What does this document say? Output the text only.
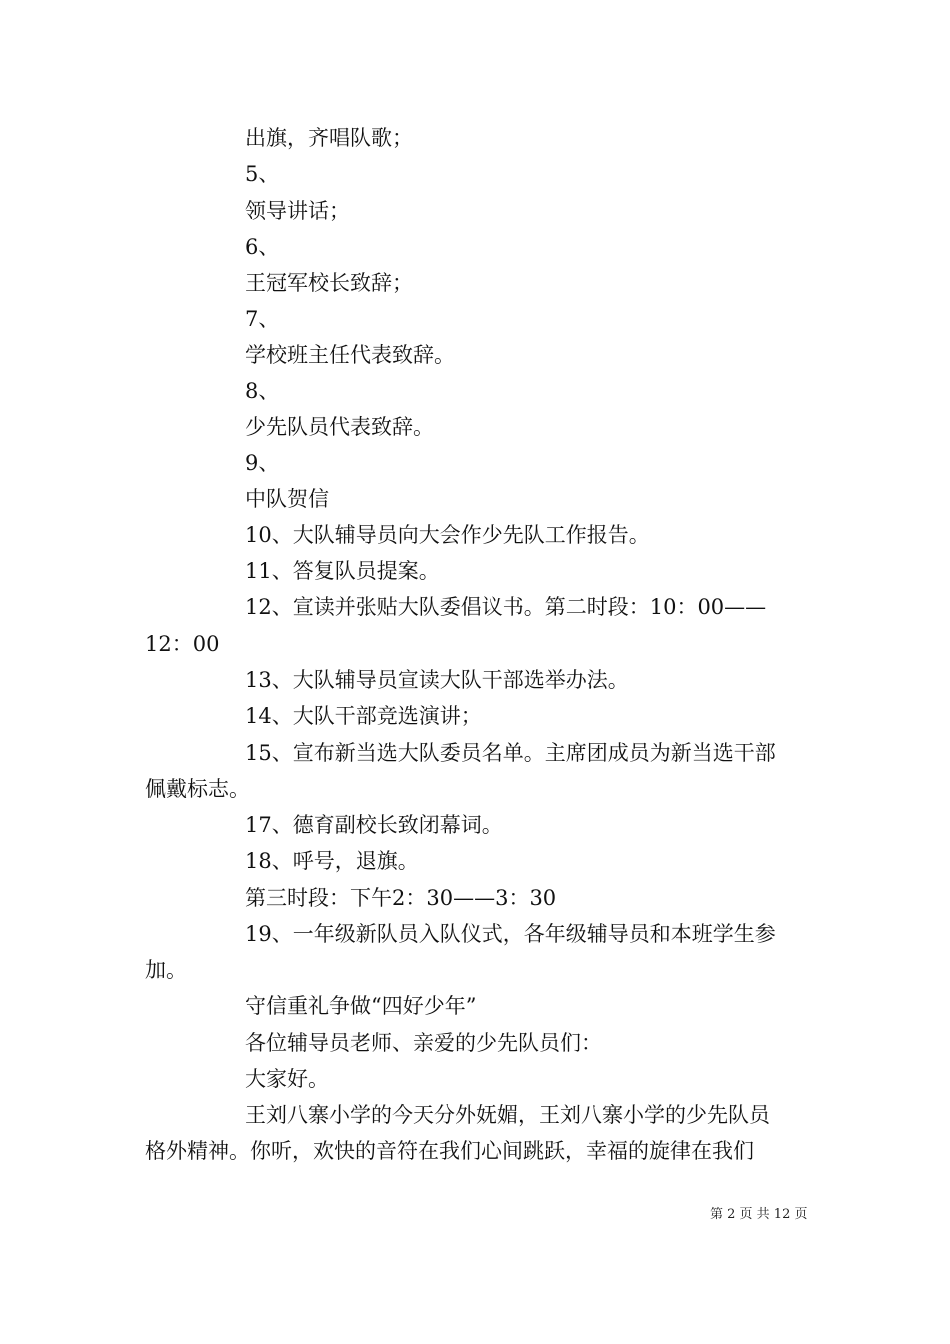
出旗，齐唱队歌；
5、
领导讲话；
6、
王冠军校长致辞；
7、
学校班主任代表致辞。
8、
少先队员代表致辞。
9、
中队贺信
10、大队辅导员向大会作少先队工作报告。
11、答复队员提案。
12、宣读并张贴大队委倡议书。第二时段：10：00——
12：00
13、大队辅导员宣读大队干部选举办法。
14、大队干部竞选演讲；
15、宣布新当选大队委员名单。主席团成员为新当选干部
佩戴标志。
17、德育副校长致闭幕词。
18、呼号，退旗。
第三时段：下午2：30——3：30
19、一年级新队员入队仪式，各年级辅导员和本班学生参
加。
守信重礼争做“四好少年”
各位辅导员老师、亲爱的少先队员们：
大家好。
王刘八寨小学的今天分外妩媚，王刘八寨小学的少先队员
格外精神。你听，欢快的音符在我们心间跳跃，幸福的旋律在我们
第 2 页 共 12 页
